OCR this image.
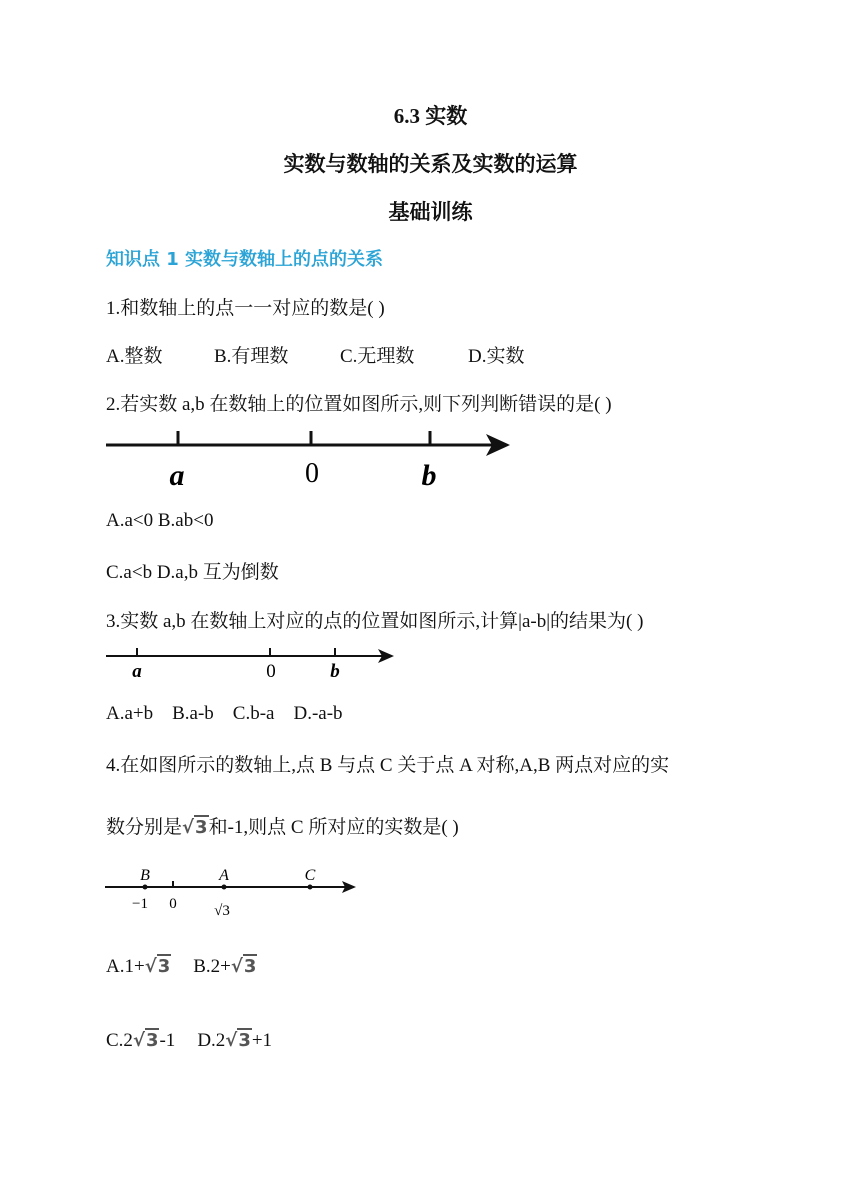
6.3 实数
实数与数轴的关系及实数的运算
基础训练
知识点 1 实数与数轴上的点的关系
1.和数轴上的点一一对应的数是( )
A.整数	B.有理数	C.无理数	D.实数
2.若实数 a,b 在数轴上的位置如图所示,则下列判断错误的是( )
a	0	b
A.a<0 B.ab<0
C.a<b D.a,b 互为倒数
3.实数 a,b 在数轴上对应的点的位置如图所示,计算|a-b|的结果为( )
a	0	b
A.a+b    B.a-b    C.b-a    D.-a-b
4.在如图所示的数轴上,点 B 与点 C 关于点 A 对称,A,B 两点对应的实
数分别是√3和-1,则点 C 所对应的实数是( )
B	A	C
−1 0 √3
A.1+√3 B.2+√3
C.2√3-1 D.2√3+1
